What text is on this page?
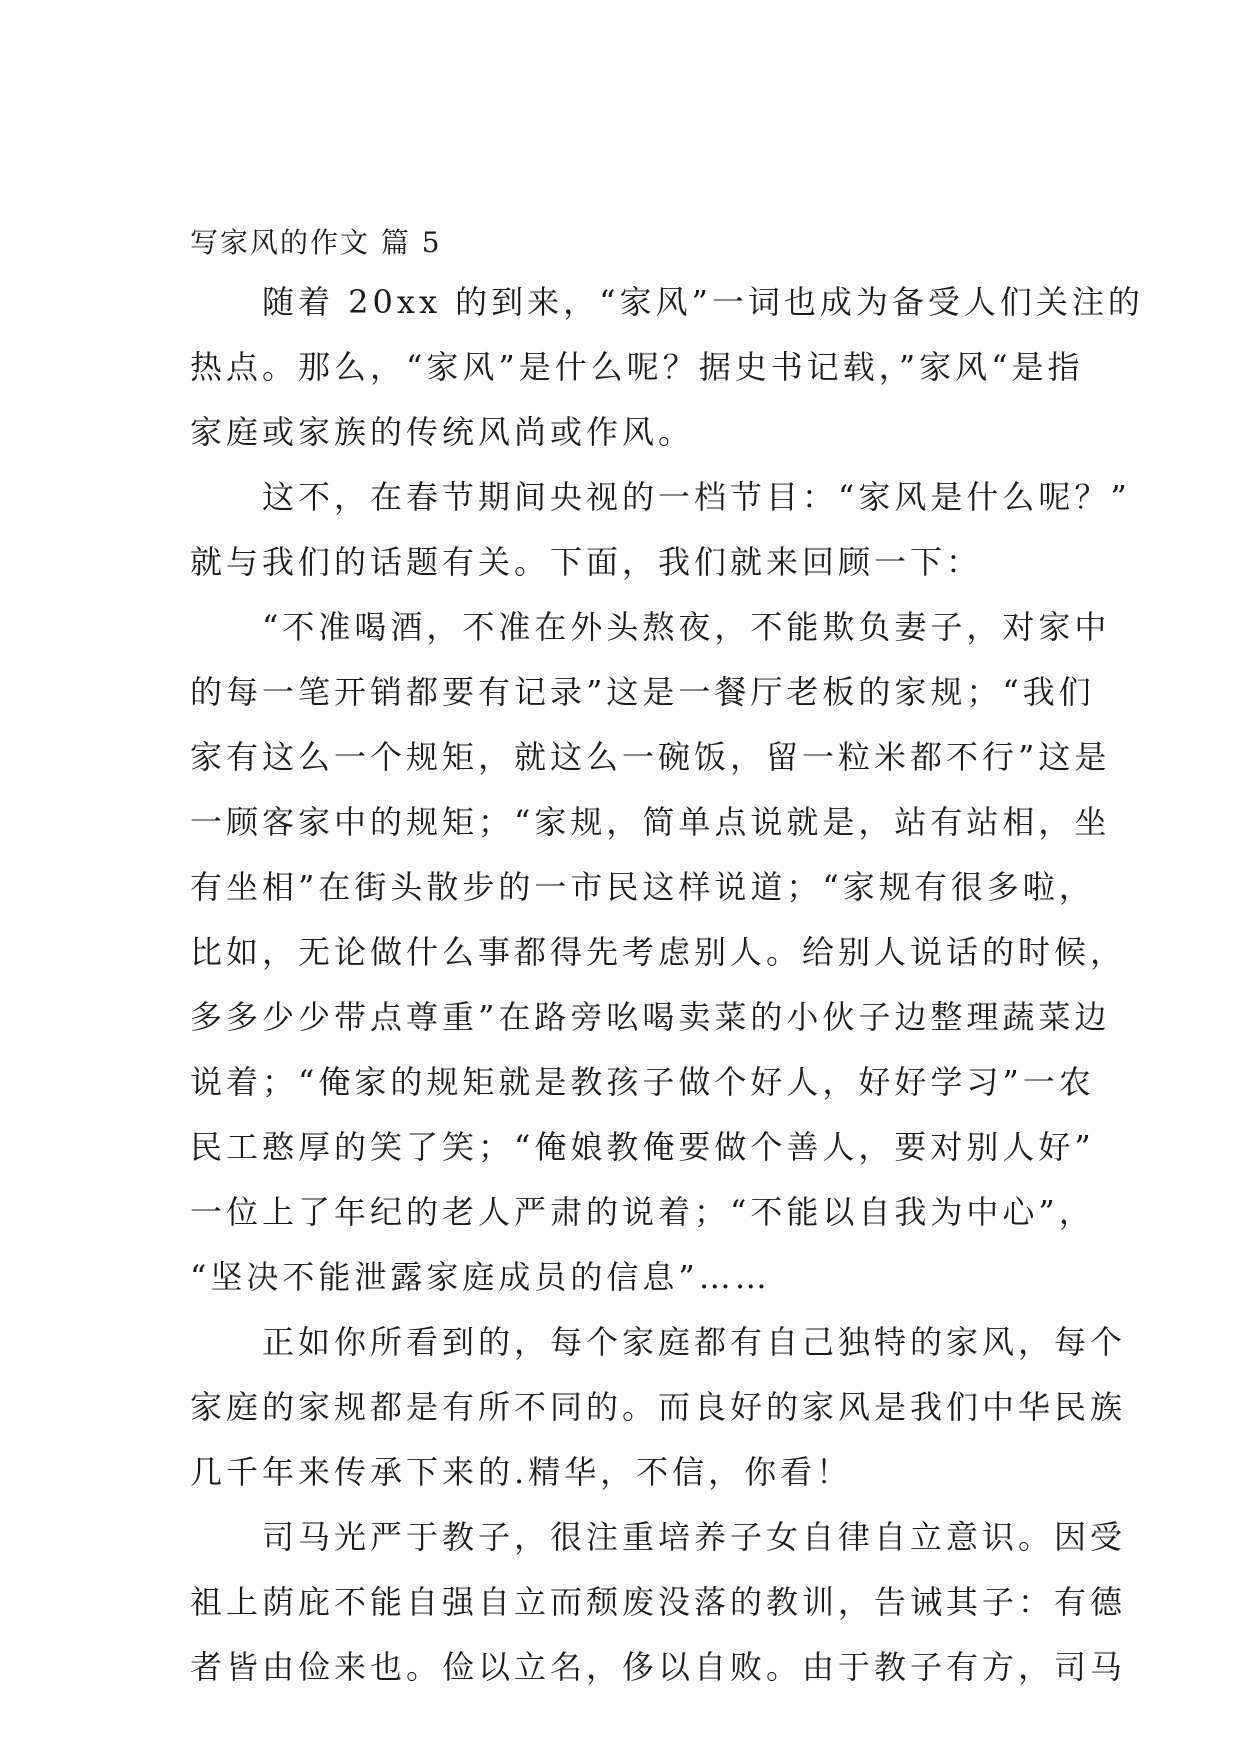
写家风的作文 篇 5
　　随着 20xx 的到来，“家风”一词也成为备受人们关注的
热点。那么，“家风”是什么呢？据史书记载，”家风“是指
家庭或家族的传统风尚或作风。
　　这不，在春节期间央视的一档节目：“家风是什么呢？”
就与我们的话题有关。下面，我们就来回顾一下：
　　“不准喝酒，不准在外头熬夜，不能欺负妻子，对家中
的每一笔开销都要有记录”这是一餐厅老板的家规；“我们
家有这么一个规矩，就这么一碗饭，留一粒米都不行”这是
一顾客家中的规矩；“家规，简单点说就是，站有站相，坐
有坐相”在街头散步的一市民这样说道；“家规有很多啦，
比如，无论做什么事都得先考虑别人。给别人说话的时候，
多多少少带点尊重”在路旁吆喝卖菜的小伙子边整理蔬菜边
说着；“俺家的规矩就是教孩子做个好人，好好学习”一农
民工憨厚的笑了笑；“俺娘教俺要做个善人，要对别人好”
一位上了年纪的老人严肃的说着；“不能以自我为中心”，
“坚决不能泄露家庭成员的信息”……
　　正如你所看到的，每个家庭都有自己独特的家风，每个
家庭的家规都是有所不同的。而良好的家风是我们中华民族
几千年来传承下来的.精华，不信，你看！
　　司马光严于教子，很注重培养子女自律自立意识。因受
祖上荫庇不能自强自立而颓废没落的教训，告诫其子：有德
者皆由俭来也。俭以立名，侈以自败。由于教子有方，司马
